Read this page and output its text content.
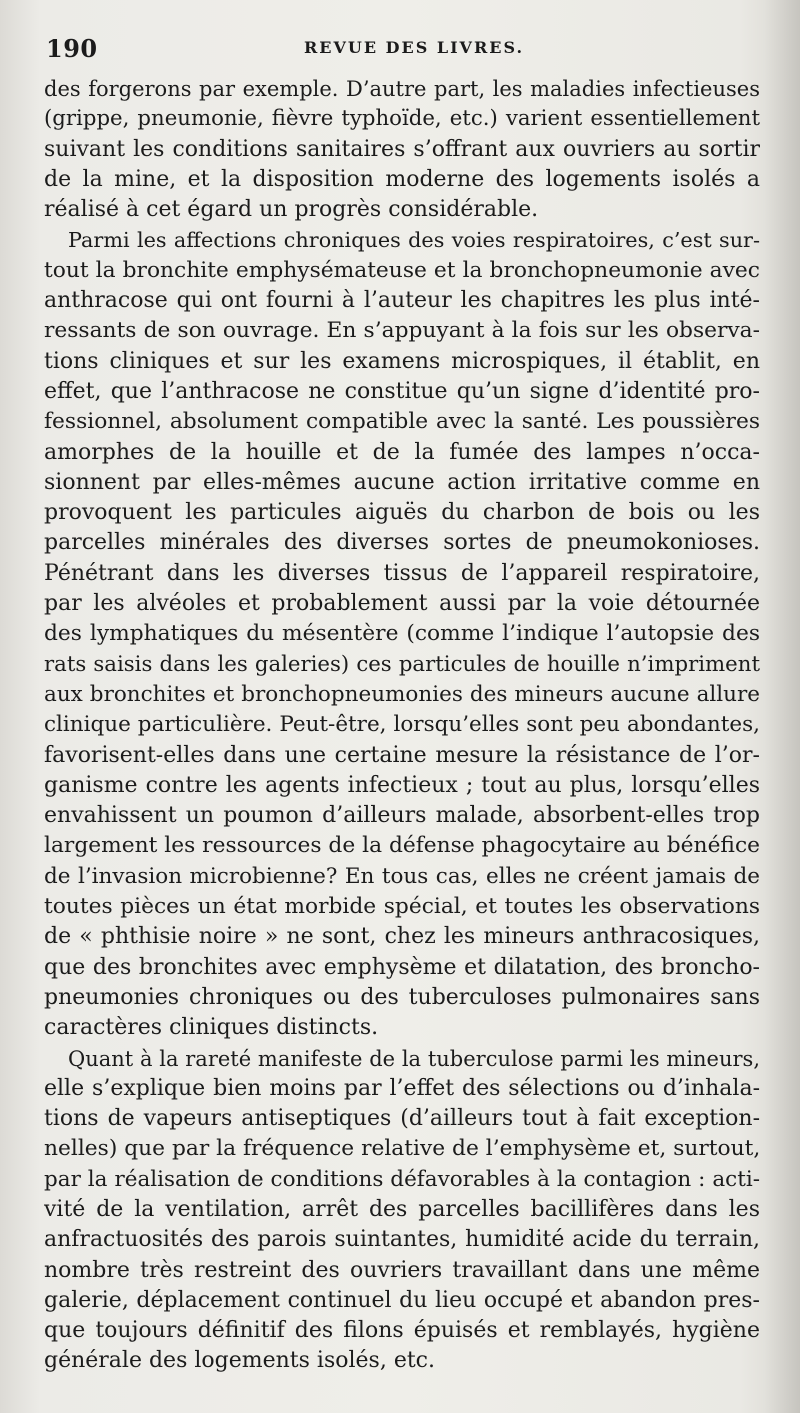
190	REVUE DES LIVRES.
des forgerons par exemple. D’autre part, les maladies infectieuses
(grippe, pneumonie, fièvre typhoïde, etc.) varient essentiellement
suivant les conditions sanitaires s’offrant aux ouvriers au sortir
de la mine, et la disposition moderne des logements isolés a
réalisé à cet égard un progrès considérable.
Parmi les affections chroniques des voies respiratoires, c’est sur-
tout la bronchite emphysémateuse et la bronchopneumonie avec
anthracose qui ont fourni à l’auteur les chapitres les plus inté-
ressants de son ouvrage. En s’appuyant à la fois sur les observa-
tions cliniques et sur les examens microspiques, il établit, en
effet, que l’anthracose ne constitue qu’un signe d’identité pro-
fessionnel, absolument compatible avec la santé. Les poussières
amorphes de la houille et de la fumée des lampes n’occa-
sionnent par elles-mêmes aucune action irritative comme en
provoquent les particules aiguës du charbon de bois ou les
parcelles minérales des diverses sortes de pneumokonioses.
Pénétrant dans les diverses tissus de l’appareil respiratoire,
par les alvéoles et probablement aussi par la voie détournée
des lymphatiques du mésentère (comme l’indique l’autopsie des
rats saisis dans les galeries) ces particules de houille n’impriment
aux bronchites et bronchopneumonies des mineurs aucune allure
clinique particulière. Peut-être, lorsqu’elles sont peu abondantes,
favorisent-elles dans une certaine mesure la résistance de l’or-
ganisme contre les agents infectieux ; tout au plus, lorsqu’elles
envahissent un poumon d’ailleurs malade, absorbent-elles trop
largement les ressources de la défense phagocytaire au bénéfice
de l’invasion microbienne? En tous cas, elles ne créent jamais de
toutes pièces un état morbide spécial, et toutes les observations
de « phthisie noire » ne sont, chez les mineurs anthracosiques,
que des bronchites avec emphysème et dilatation, des broncho-
pneumonies chroniques ou des tuberculoses pulmonaires sans
caractères cliniques distincts.
Quant à la rareté manifeste de la tuberculose parmi les mineurs,
elle s’explique bien moins par l’effet des sélections ou d’inhala-
tions de vapeurs antiseptiques (d’ailleurs tout à fait exception-
nelles) que par la fréquence relative de l’emphysème et, surtout,
par la réalisation de conditions défavorables à la contagion : acti-
vité de la ventilation, arrêt des parcelles bacillifères dans les
anfractuosités des parois suintantes, humidité acide du terrain,
nombre très restreint des ouvriers travaillant dans une même
galerie, déplacement continuel du lieu occupé et abandon pres-
que toujours définitif des filons épuisés et remblayés, hygiène
générale des logements isolés, etc.
